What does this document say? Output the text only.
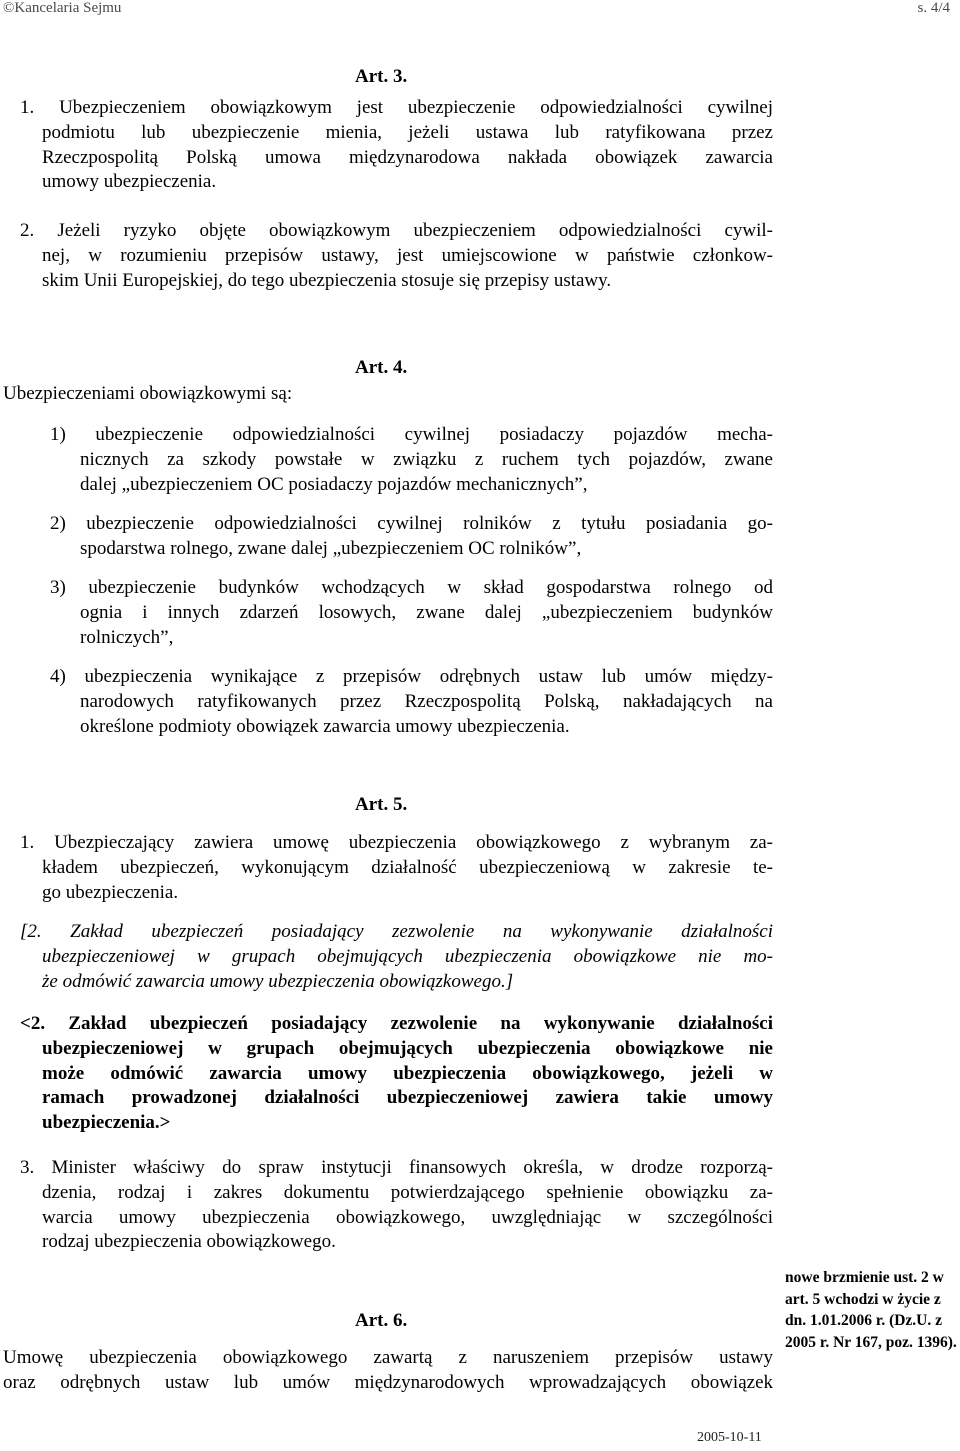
©Kancelaria Sejmu	s. 4/4
Art. 3.
1. Ubezpieczeniem obowiązkowym jest ubezpieczenie odpowiedzialności cywilnej
podmiotu lub ubezpieczenie mienia, jeżeli ustawa lub ratyfikowana przez
Rzeczpospolitą Polską umowa międzynarodowa nakłada obowiązek zawarcia
umowy ubezpieczenia.
2. Jeżeli ryzyko objęte obowiązkowym ubezpieczeniem odpowiedzialności cywil-
nej, w rozumieniu przepisów ustawy, jest umiejscowione w państwie członkow-
skim Unii Europejskiej, do tego ubezpieczenia stosuje się przepisy ustawy.
Art. 4.
Ubezpieczeniami obowiązkowymi są:
1) ubezpieczenie odpowiedzialności cywilnej posiadaczy pojazdów mecha-
nicznych za szkody powstałe w związku z ruchem tych pojazdów, zwane
dalej „ubezpieczeniem OC posiadaczy pojazdów mechanicznych”,
2) ubezpieczenie odpowiedzialności cywilnej rolników z tytułu posiadania go-
spodarstwa rolnego, zwane dalej „ubezpieczeniem OC rolników”,
3) ubezpieczenie budynków wchodzących w skład gospodarstwa rolnego od
ognia i innych zdarzeń losowych, zwane dalej „ubezpieczeniem budynków
rolniczych”,
4) ubezpieczenia wynikające z przepisów odrębnych ustaw lub umów między-
narodowych ratyfikowanych przez Rzeczpospolitą Polską, nakładających na
określone podmioty obowiązek zawarcia umowy ubezpieczenia.
Art. 5.
1. Ubezpieczający zawiera umowę ubezpieczenia obowiązkowego z wybranym za-
kładem ubezpieczeń, wykonującym działalność ubezpieczeniową w zakresie te-
go ubezpieczenia.
[2. Zakład ubezpieczeń posiadający zezwolenie na wykonywanie działalności
ubezpieczeniowej w grupach obejmujących ubezpieczenia obowiązkowe nie mo-
że odmówić zawarcia umowy ubezpieczenia obowiązkowego.]
<2. Zakład ubezpieczeń posiadający zezwolenie na wykonywanie działalności
ubezpieczeniowej w grupach obejmujących ubezpieczenia obowiązkowe nie
może odmówić zawarcia umowy ubezpieczenia obowiązkowego, jeżeli w
ramach prowadzonej działalności ubezpieczeniowej zawiera takie umowy
ubezpieczenia.>
3. Minister właściwy do spraw instytucji finansowych określa, w drodze rozporzą-
dzenia, rodzaj i zakres dokumentu potwierdzającego spełnienie obowiązku za-
warcia umowy ubezpieczenia obowiązkowego, uwzględniając w szczególności
rodzaj ubezpieczenia obowiązkowego.
Art. 6.
Umowę ubezpieczenia obowiązkowego zawartą z naruszeniem przepisów ustawy
oraz odrębnych ustaw lub umów międzynarodowych wprowadzających obowiązek
nowe brzmienie ust. 2 w art. 5 wchodzi w życie z dn. 1.01.2006 r. (Dz.U. z 2005 r. Nr 167, poz. 1396).
2005-10-11
